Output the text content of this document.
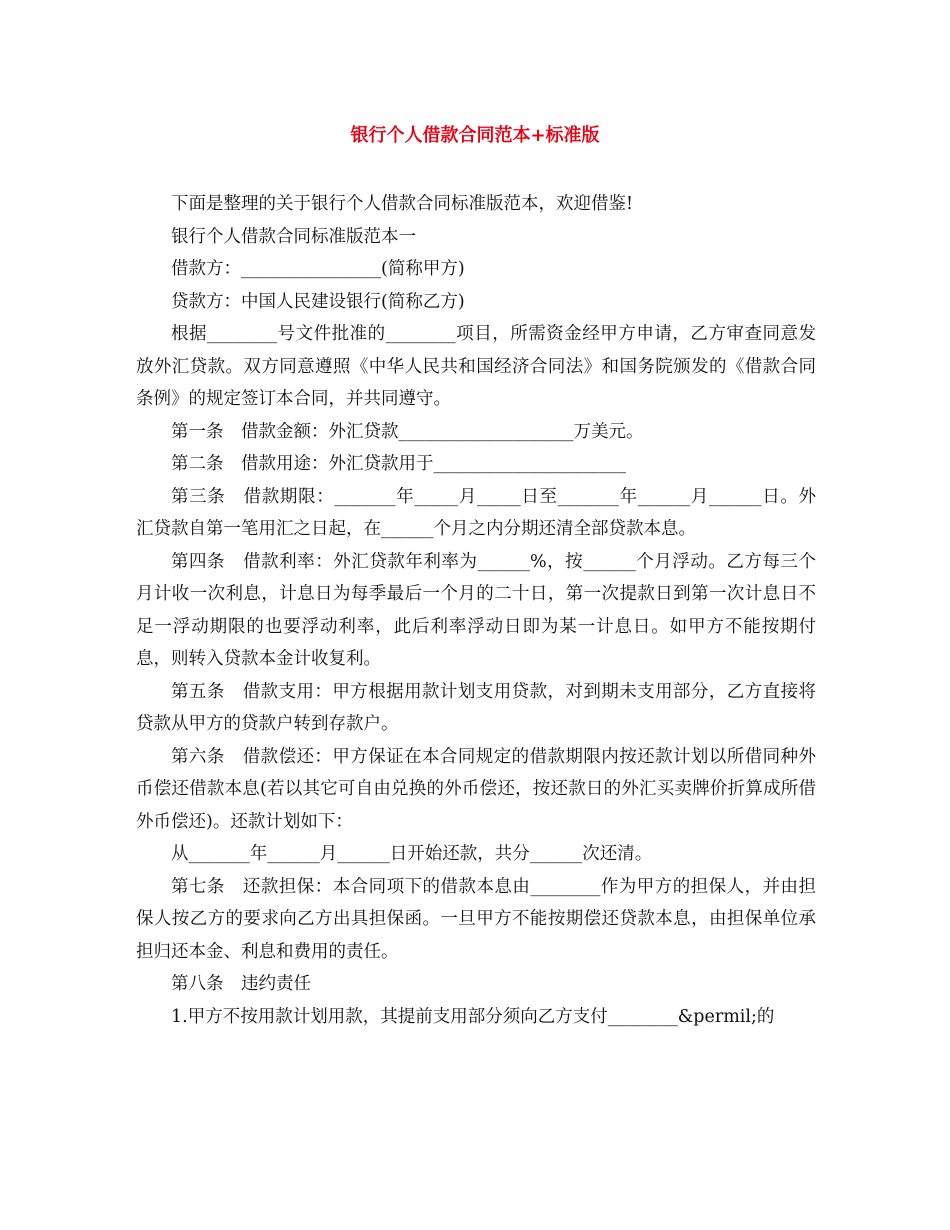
银行个人借款合同范本+标准版

下面是整理的关于银行个人借款合同标准版范本，欢迎借鉴!

银行个人借款合同标准版范本一

借款方：________________(简称甲方)

贷款方：中国人民建设银行(简称乙方)

根据________号文件批准的________项目，所需资金经甲方申请，乙方审查同意发放外汇贷款。双方同意遵照《中华人民共和国经济合同法》和国务院颁发的《借款合同条例》的规定签订本合同，并共同遵守。

第一条　借款金额：外汇贷款____________________万美元。

第二条　借款用途：外汇贷款用于______________________

第三条　借款期限：_______年_____月_____日至_______年______月______日。外汇贷款自第一笔用汇之日起，在______个月之内分期还清全部贷款本息。

第四条　借款利率：外汇贷款年利率为______%，按______个月浮动。乙方每三个月计收一次利息，计息日为每季最后一个月的二十日，第一次提款日到第一次计息日不足一浮动期限的也要浮动利率，此后利率浮动日即为某一计息日。如甲方不能按期付息，则转入贷款本金计收复利。

第五条　借款支用：甲方根据用款计划支用贷款，对到期未支用部分，乙方直接将贷款从甲方的贷款户转到存款户。

第六条　借款偿还：甲方保证在本合同规定的借款期限内按还款计划以所借同种外币偿还借款本息(若以其它可自由兑换的外币偿还，按还款日的外汇买卖牌价折算成所借外币偿还)。还款计划如下：

从_______年______月______日开始还款，共分______次还清。

第七条　还款担保：本合同项下的借款本息由________作为甲方的担保人，并由担保人按乙方的要求向乙方出具担保函。一旦甲方不能按期偿还贷款本息，由担保单位承担归还本金、利息和费用的责任。

第八条　违约责任

1.甲方不按用款计划用款，其提前支用部分须向乙方支付________&permil;的
